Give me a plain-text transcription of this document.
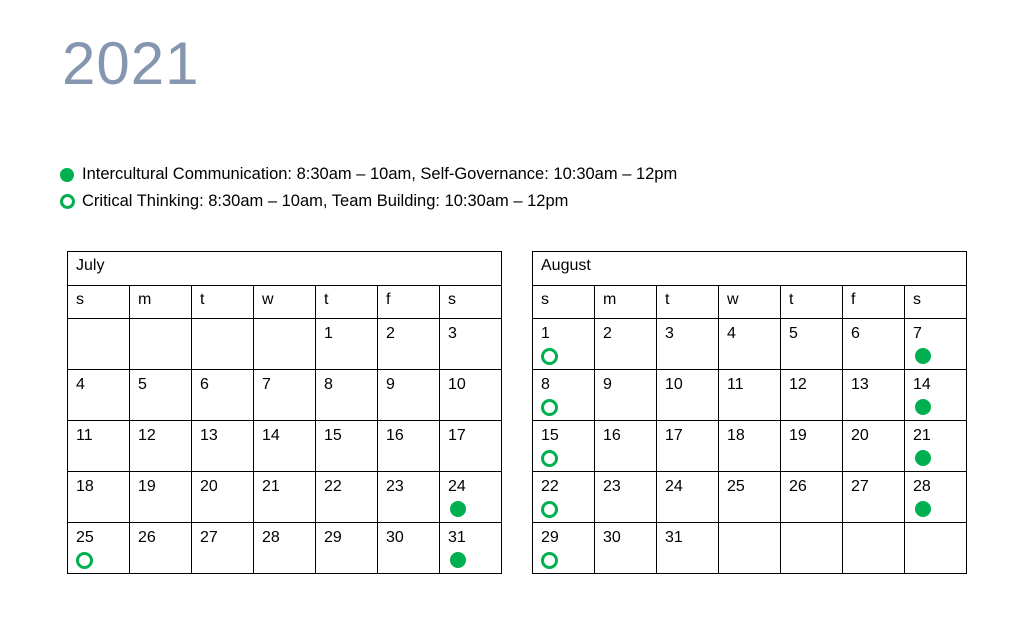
2021
Intercultural Communication: 8:30am – 10am, Self-Governance: 10:30am – 12pm
Critical Thinking: 8:30am – 10am, Team Building: 10:30am – 12pm
July						
s	m	t	w	t	f	s

				1	2	3

4	5	6	7	8	9	10

11	12	13	14	15	16	17

18	19	20	21	22	23	24

25	26	27	28	29	30	31
August						
s	m	t	w	t	f	s

1	2	3	4	5	6	7

8	9	10	11	12	13	14

15	16	17	18	19	20	21

22	23	24	25	26	27	28

29	30	31				
